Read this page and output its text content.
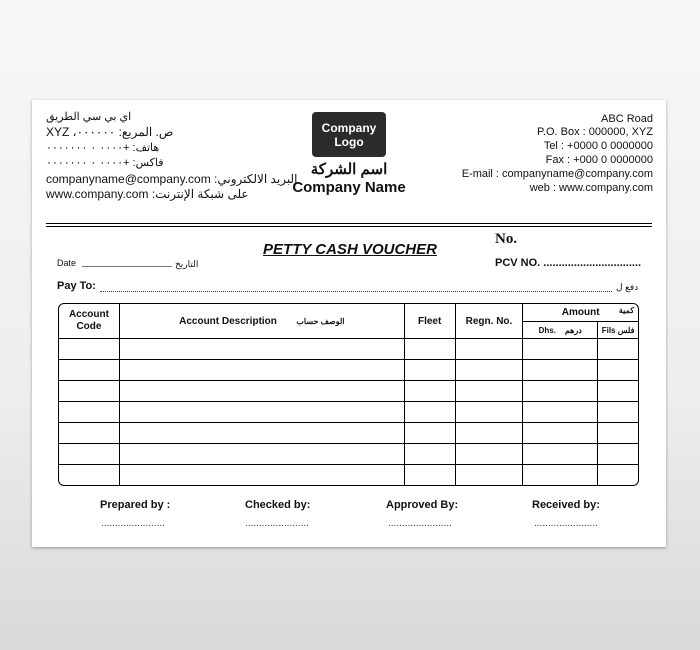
اي بي سي الطريق
ص. المربع: ٠٠٠٠٠٠، XYZ
هاتف: +٠٠٠٠ ٠ ٠٠٠٠٠٠٠
فاكس: +٠٠٠٠ ٠ ٠٠٠٠٠٠٠
companyname@company.com البريد الالكتروني:
www.company.com على شبكة الإنترنت:
Company
Logo
اسم الشركة
Company Name
ABC Road
P.O. Box : 000000, XYZ
Tel : +0000 0 0000000
Fax : +000 0 0000000
E-mail : companyname@company.com
web : www.company.com
PETTY CASH VOUCHER
No.
PCV NO. ................................
Date	التاريخ
Pay To:	دفع ل
Account Code	Account Description الوصف حساب	Fleet	Regn. No.	Amount كمية	

				Dhs. درهم	Fils فلس

Prepared by :	Checked by:	Approved By:	Received by:
.......................	.......................	.......................	.......................
